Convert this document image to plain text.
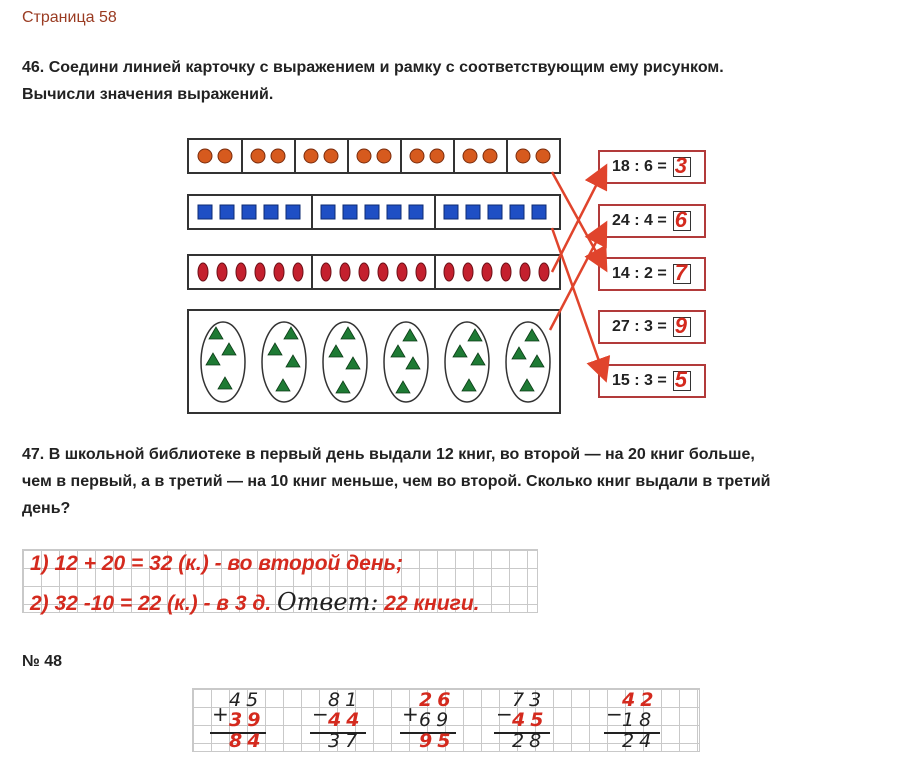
Страница 58
46. Соедини линией карточку с выражением и рамку с соответствующим ему рисунком.
Вычисли значения выражений.
18 : 6 = 3
24 : 4 = 6
14 : 2 = 7
27 : 3 = 9
15 : 3 = 5
47. В школьной библиотеке в первый день выдали 12 книг, во второй — на 20 книг больше,
чем в первый, а в третий — на 10 книг меньше, чем во второй. Сколько книг выдали в третий
день?
1) 12 + 20 = 32 (к.) - во второй день;
2) 32 -10 = 22 (к.) - в 3 д. Ответ: 22 книги.
№ 48
+
45
39
84
−
81
44
37
+
26
69
95
−
73
45
28
−
42
18
24
